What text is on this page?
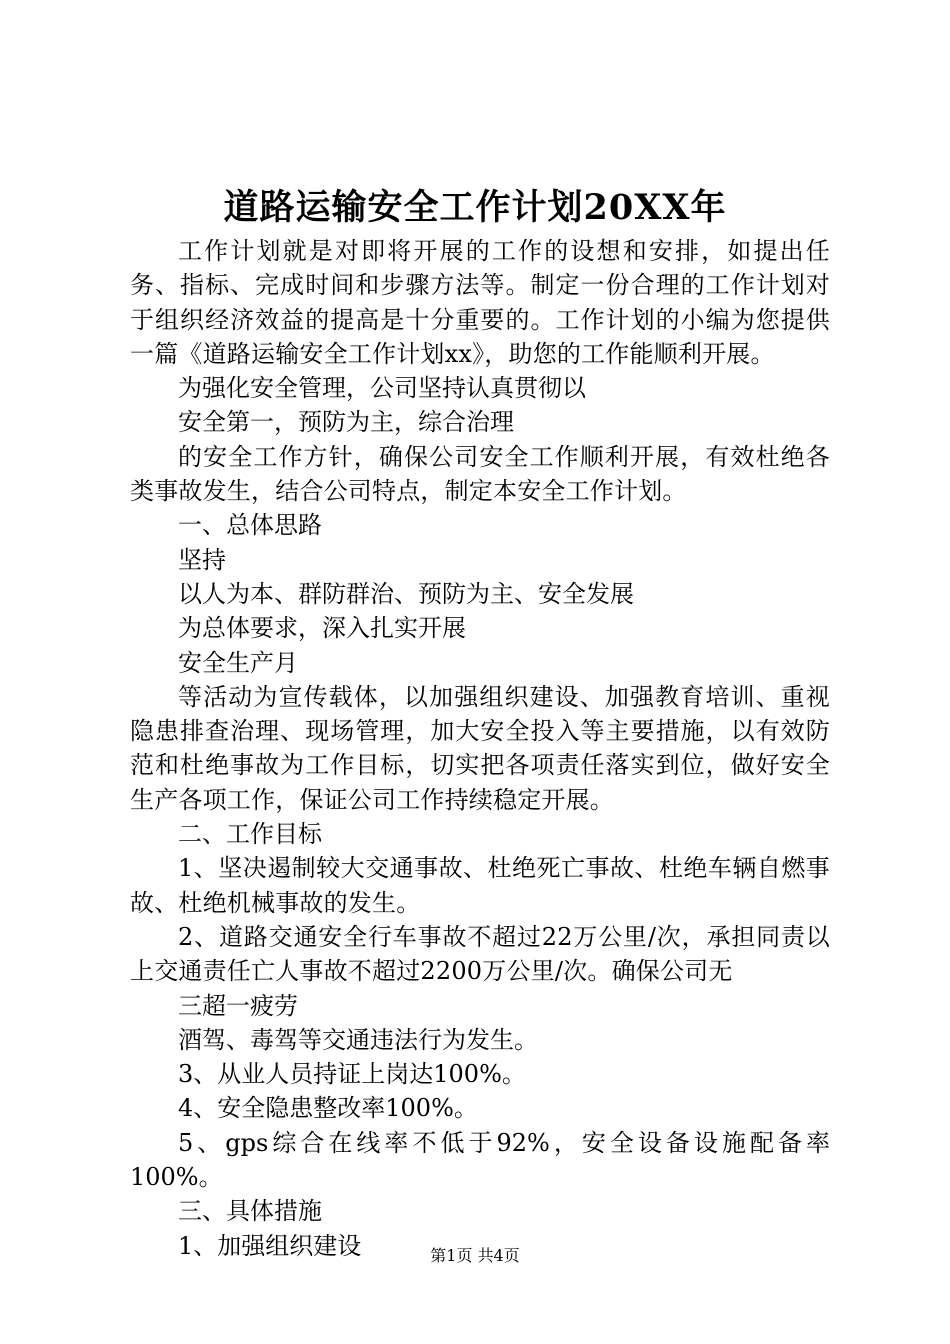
道路运输安全工作计划20XX年

工作计划就是对即将开展的工作的设想和安排，如提出任务、指标、完成时间和步骤方法等。制定一份合理的工作计划对于组织经济效益的提高是十分重要的。工作计划的小编为您提供一篇《道路运输安全工作计划xx》，助您的工作能顺利开展。

为强化安全管理，公司坚持认真贯彻以

安全第一，预防为主，综合治理

的安全工作方针，确保公司安全工作顺利开展，有效杜绝各类事故发生，结合公司特点，制定本安全工作计划。

一、总体思路

坚持

以人为本、群防群治、预防为主、安全发展

为总体要求，深入扎实开展

安全生产月

等活动为宣传载体，以加强组织建设、加强教育培训、重视隐患排查治理、现场管理，加大安全投入等主要措施，以有效防范和杜绝事故为工作目标，切实把各项责任落实到位，做好安全生产各项工作，保证公司工作持续稳定开展。

二、工作目标

1、坚决遏制较大交通事故、杜绝死亡事故、杜绝车辆自燃事故、杜绝机械事故的发生。

2、道路交通安全行车事故不超过22万公里/次，承担同责以上交通责任亡人事故不超过2200万公里/次。确保公司无

三超一疲劳

酒驾、毒驾等交通违法行为发生。

3、从业人员持证上岗达100%。

4、安全隐患整改率100%。

5、gps综合在线率不低于92%，安全设备设施配备率100%。

三、具体措施

1、加强组织建设	第1页 共4页
